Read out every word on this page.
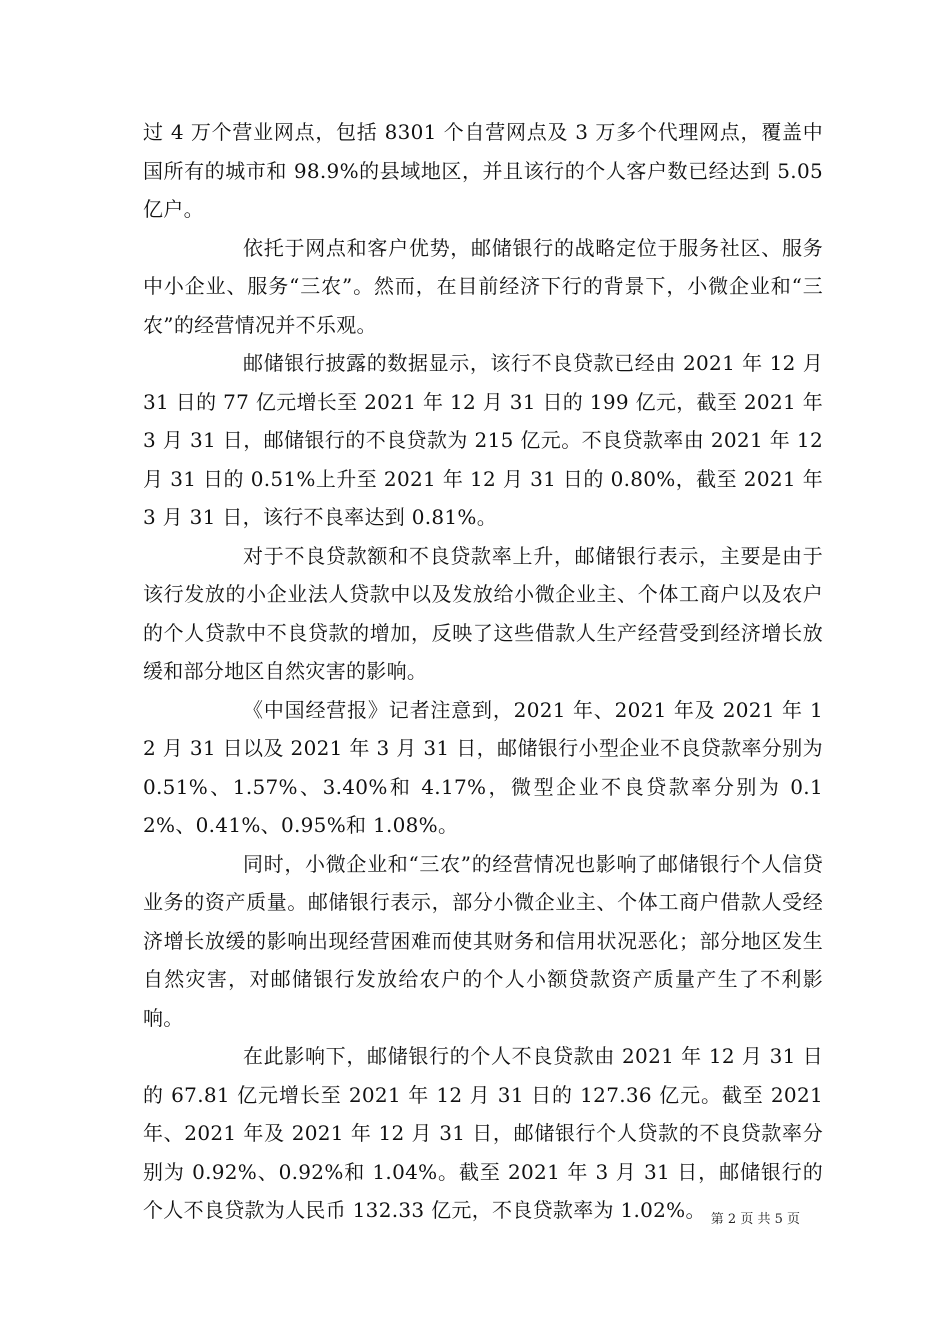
过 4 万个营业网点，包括 8301 个自营网点及 3 万多个代理网点，覆盖中国所有的城市和 98.9%的县域地区，并且该行的个人客户数已经达到 5.05 亿户。

依托于网点和客户优势，邮储银行的战略定位于服务社区、服务中小企业、服务“三农”。然而，在目前经济下行的背景下，小微企业和“三农”的经营情况并不乐观。

邮储银行披露的数据显示，该行不良贷款已经由 2021 年 12 月 31 日的 77 亿元增长至 2021 年 12 月 31 日的 199 亿元，截至 2021 年 3 月 31 日，邮储银行的不良贷款为 215 亿元。不良贷款率由 2021 年 12 月 31 日的 0.51%上升至 2021 年 12 月 31 日的 0.80%，截至 2021 年 3 月 31 日，该行不良率达到 0.81%。

对于不良贷款额和不良贷款率上升，邮储银行表示，主要是由于该行发放的小企业法人贷款中以及发放给小微企业主、个体工商户以及农户的个人贷款中不良贷款的增加，反映了这些借款人生产经营受到经济增长放缓和部分地区自然灾害的影响。

《中国经营报》记者注意到，2021 年、2021 年及 2021 年 12 月 31 日以及 2021 年 3 月 31 日，邮储银行小型企业不良贷款率分别为 0.51%、1.57%、3.40%和 4.17%，微型企业不良贷款率分别为 0.12%、0.41%、0.95%和 1.08%。

同时，小微企业和“三农”的经营情况也影响了邮储银行个人信贷业务的资产质量。邮储银行表示，部分小微企业主、个体工商户借款人受经济增长放缓的影响出现经营困难而使其财务和信用状况恶化；部分地区发生自然灾害，对邮储银行发放给农户的个人小额贷款资产质量产生了不利影响。

在此影响下，邮储银行的个人不良贷款由 2021 年 12 月 31 日的 67.81 亿元增长至 2021 年 12 月 31 日的 127.36 亿元。截至 2021 年、2021 年及 2021 年 12 月 31 日，邮储银行个人贷款的不良贷款率分别为 0.92%、0.92%和 1.04%。截至 2021 年 3 月 31 日，邮储银行的个人不良贷款为人民币 132.33 亿元，不良贷款率为 1.02%。 第 2 页 共 5 页
